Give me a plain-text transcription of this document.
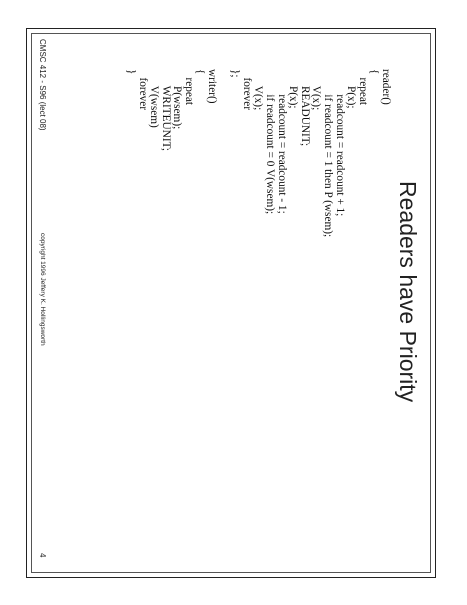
Readers have Priority
reader()
{
repeat
P(x);
readcount = readcount + 1;
if readcount = 1 then P (wsem);
V(x);
READUNIT;
P(x);
readcount = readcount - 1;
if readcount = 0 V(wsem);
V(x);
forever
};
writer()
{
repeat
P(wsem);
WRITEUNIT;
V(wsem)
forever
}
CMSC 412 - S96 (lect 08)
copyright 1996 Jeffery K. Hollingsworth
4
